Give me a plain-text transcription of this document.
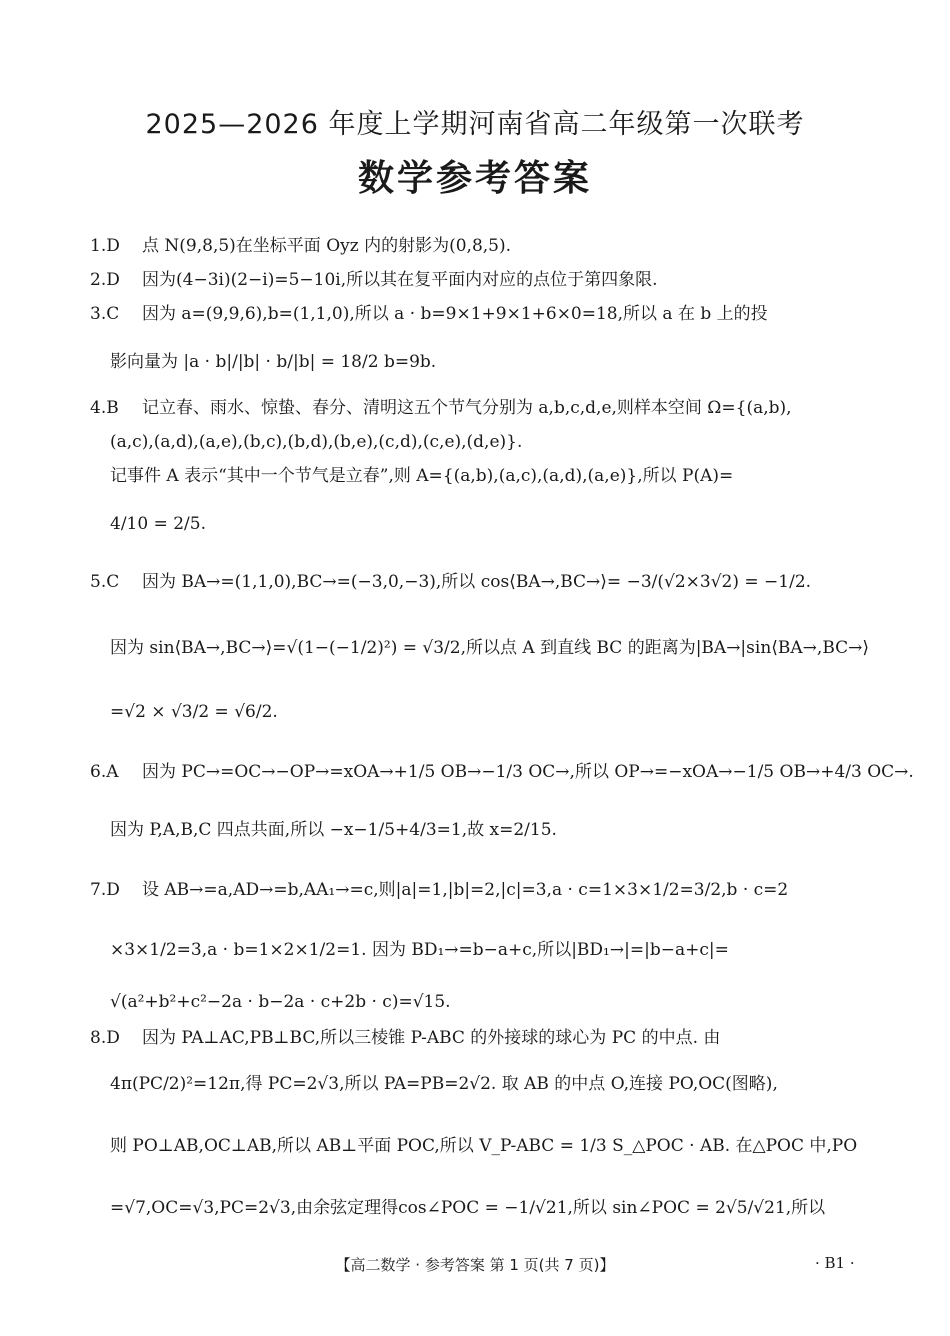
2025—2026 年度上学期河南省高二年级第一次联考
数学参考答案
1.D 点 N(9,8,5)在坐标平面 Oyz 内的射影为(0,8,5).
2.D 因为(4−3i)(2−i)=5−10i,所以其在复平面内对应的点位于第四象限.
3.C 因为 a=(9,9,6),b=(1,1,0),所以 a · b=9×1+9×1+6×0=18,所以 a 在 b 上的投
影向量为 |a · b|/|b| · b/|b| = 18/2 b=9b.
4.B 记立春、雨水、惊蛰、春分、清明这五个节气分别为 a,b,c,d,e,则样本空间 Ω={(a,b),
(a,c),(a,d),(a,e),(b,c),(b,d),(b,e),(c,d),(c,e),(d,e)}.
记事件 A 表示“其中一个节气是立春”,则 A={(a,b),(a,c),(a,d),(a,e)},所以 P(A)=
4/10 = 2/5.
5.C 因为 BA→=(1,1,0),BC→=(−3,0,−3),所以 cos⟨BA→,BC→⟩= −3/(√2×3√2) = −1/2.
因为 sin⟨BA→,BC→⟩=√(1−(−1/2)²) = √3/2,所以点 A 到直线 BC 的距离为|BA→|sin⟨BA→,BC→⟩
=√2 × √3/2 = √6/2.
6.A 因为 PC→=OC→−OP→=xOA→+1/5 OB→−1/3 OC→,所以 OP→=−xOA→−1/5 OB→+4/3 OC→.
因为 P,A,B,C 四点共面,所以 −x−1/5+4/3=1,故 x=2/15.
7.D 设 AB→=a,AD→=b,AA₁→=c,则|a|=1,|b|=2,|c|=3,a · c=1×3×1/2=3/2,b · c=2
×3×1/2=3,a · b=1×2×1/2=1. 因为 BD₁→=b−a+c,所以|BD₁→|=|b−a+c|=
√(a²+b²+c²−2a · b−2a · c+2b · c)=√15.
8.D 因为 PA⊥AC,PB⊥BC,所以三棱锥 P-ABC 的外接球的球心为 PC 的中点. 由
4π(PC/2)²=12π,得 PC=2√3,所以 PA=PB=2√2. 取 AB 的中点 O,连接 PO,OC(图略),
则 PO⊥AB,OC⊥AB,所以 AB⊥平面 POC,所以 V_P-ABC = 1/3 S_△POC · AB. 在△POC 中,PO
=√7,OC=√3,PC=2√3,由余弦定理得cos∠POC = −1/√21,所以 sin∠POC = 2√5/√21,所以
【高二数学 · 参考答案 第 1 页(共 7 页)】	· B1 ·
